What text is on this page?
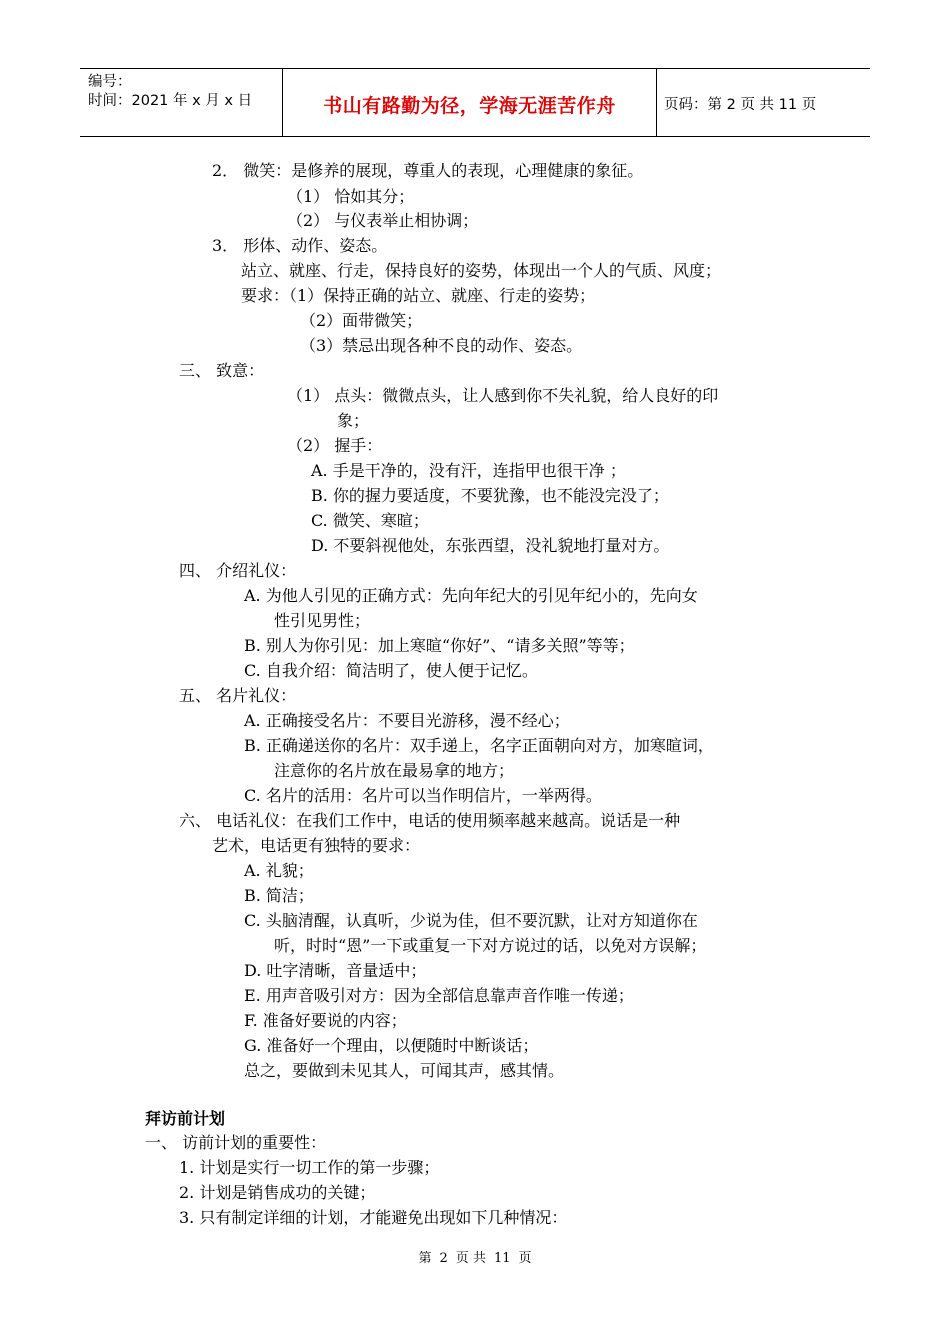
编号：
时间：2021 年 x 月 x 日	书山有路勤为径，学海无涯苦作舟	页码：第 2 页 共 11 页
2． 微笑：是修养的展现，尊重人的表现，心理健康的象征。
（1） 恰如其分；
（2） 与仪表举止相协调；
3． 形体、动作、姿态。
站立、就座、行走，保持良好的姿势，体现出一个人的气质、风度；
要求：（1）保持正确的站立、就座、行走的姿势；
（2）面带微笑；
（3）禁忌出现各种不良的动作、姿态。
三、 致意：
（1） 点头：微微点头，让人感到你不失礼貌，给人良好的印
象；
（2） 握手：
A. 手是干净的，没有汗，连指甲也很干净 ；
B. 你的握力要适度，不要犹豫，也不能没完没了；
C. 微笑、寒暄；
D. 不要斜视他处，东张西望，没礼貌地打量对方。
四、 介绍礼仪：
A. 为他人引见的正确方式：先向年纪大的引见年纪小的，先向女
性引见男性；
B. 别人为你引见：加上寒暄“你好”、“请多关照”等等；
C. 自我介绍：简洁明了，使人便于记忆。
五、 名片礼仪：
A. 正确接受名片：不要目光游移，漫不经心；
B. 正确递送你的名片：双手递上，名字正面朝向对方，加寒暄词，
注意你的名片放在最易拿的地方；
C. 名片的活用：名片可以当作明信片，一举两得。
六、 电话礼仪：在我们工作中，电话的使用频率越来越高。说话是一种
艺术，电话更有独特的要求：
A. 礼貌；
B. 简洁；
C. 头脑清醒，认真听，少说为佳，但不要沉默，让对方知道你在
听，时时“恩”一下或重复一下对方说过的话，以免对方误解；
D. 吐字清晰，音量适中；
E. 用声音吸引对方：因为全部信息靠声音作唯一传递；
F. 准备好要说的内容；
G. 准备好一个理由，以便随时中断谈话；
总之，要做到未见其人，可闻其声，感其情。
拜访前计划
一、 访前计划的重要性：
1. 计划是实行一切工作的第一步骤；
2. 计划是销售成功的关键；
3. 只有制定详细的计划，才能避免出现如下几种情况：
第 2 页 共 11 页
